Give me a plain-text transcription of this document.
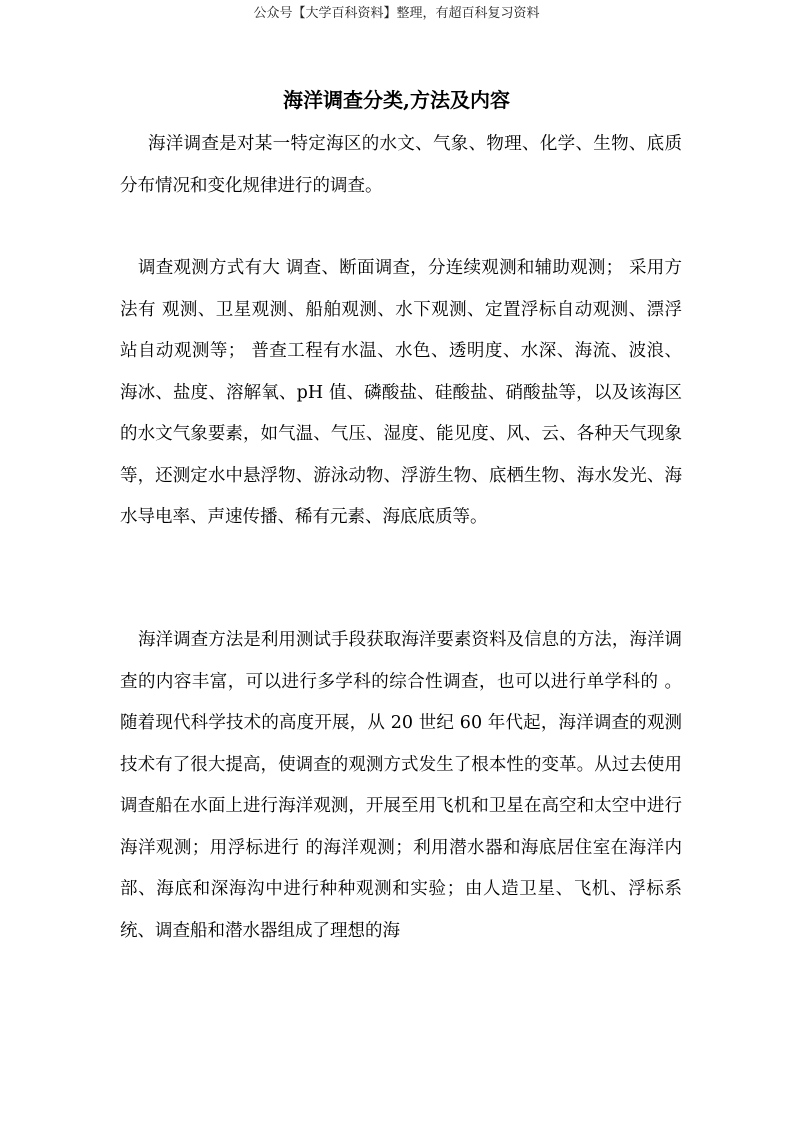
公众号【大学百科资料】整理，有超百科复习资料
海洋调查分类,方法及内容

海洋调查是对某一特定海区的水文、气象、物理、化学、生物、底质分布情况和变化规律进行的调查。

调查观测方式有大 调查、断面调查，分连续观测和辅助观测； 采用方法有 观测、卫星观测、船舶观测、水下观测、定置浮标自动观测、漂浮站自动观测等； 普查工程有水温、水色、透明度、水深、海流、波浪、海冰、盐度、溶解氧、pH 值、磷酸盐、硅酸盐、硝酸盐等，以及该海区的水文气象要素，如气温、气压、湿度、能见度、风、云、各种天气现象等，还测定水中悬浮物、游泳动物、浮游生物、底栖生物、海水发光、海水导电率、声速传播、稀有元素、海底底质等。

海洋调查方法是利用测试手段获取海洋要素资料及信息的方法，海洋调查的内容丰富，可以进行多学科的综合性调查，也可以进行单学科的 。随着现代科学技术的高度开展，从 20 世纪 60 年代起，海洋调查的观测技术有了很大提高，使调查的观测方式发生了根本性的变革。从过去使用调查船在水面上进行海洋观测，开展至用飞机和卫星在高空和太空中进行海洋观测；用浮标进行 的海洋观测；利用潜水器和海底居住室在海洋内部、海底和深海沟中进行种种观测和实验；由人造卫星、飞机、浮标系统、调查船和潜水器组成了理想的海
